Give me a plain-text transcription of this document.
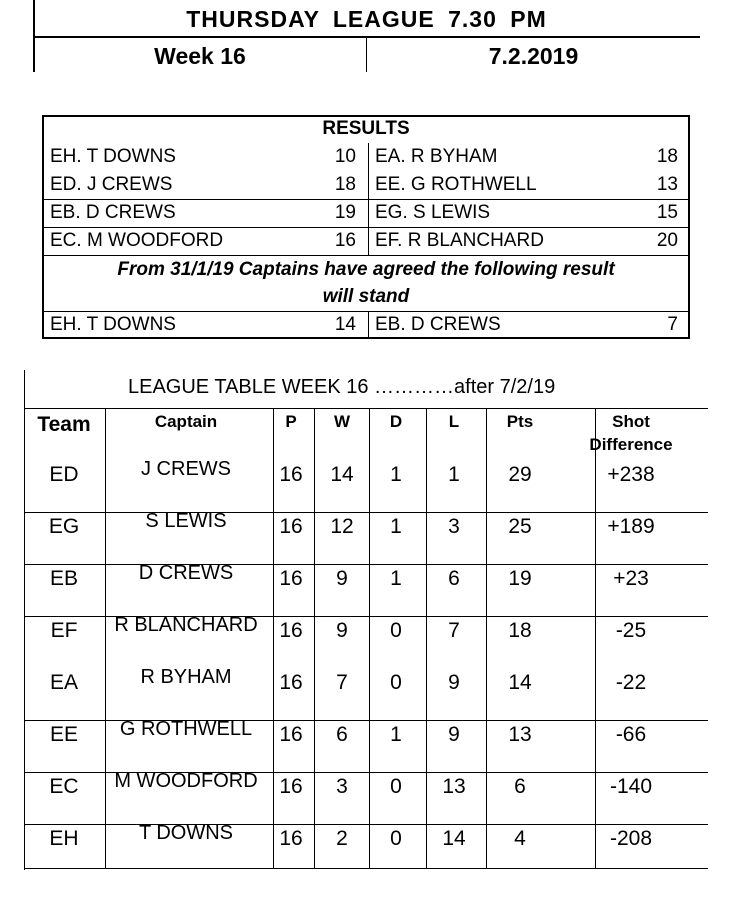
THURSDAY LEAGUE 7.30 PM
Week 16	7.2.2019
RESULTS
EH. T DOWNS	10 EA. R BYHAM	18
ED. J CREWS	18 EE. G ROTHWELL	13
EB. D CREWS	19 EG. S LEWIS	15
EC. M WOODFORD	16 EF. R BLANCHARD	20
From 31/1/19 Captains have agreed the following result
will stand
EH. T DOWNS	14 EB. D CREWS	7
LEAGUE TABLE WEEK 16 …………after 7/2/19
Team	Captain	P	W	D	L	Pts	Shot
Difference
ED	J CREWS	16	14	1	1	29	+238
EG	S LEWIS	16	12	1	3	25	+189
EB	D CREWS	16	9	1	6	19	+23
EF	R BLANCHARD	16	9	0	7	18	-25
EA	R BYHAM	16	7	0	9	14	-22
EE	G ROTHWELL	16	6	1	9	13	-66
EC	M WOODFORD	16	3	0	13	6	-140
EH	T DOWNS	16	2	0	14	4	-208
